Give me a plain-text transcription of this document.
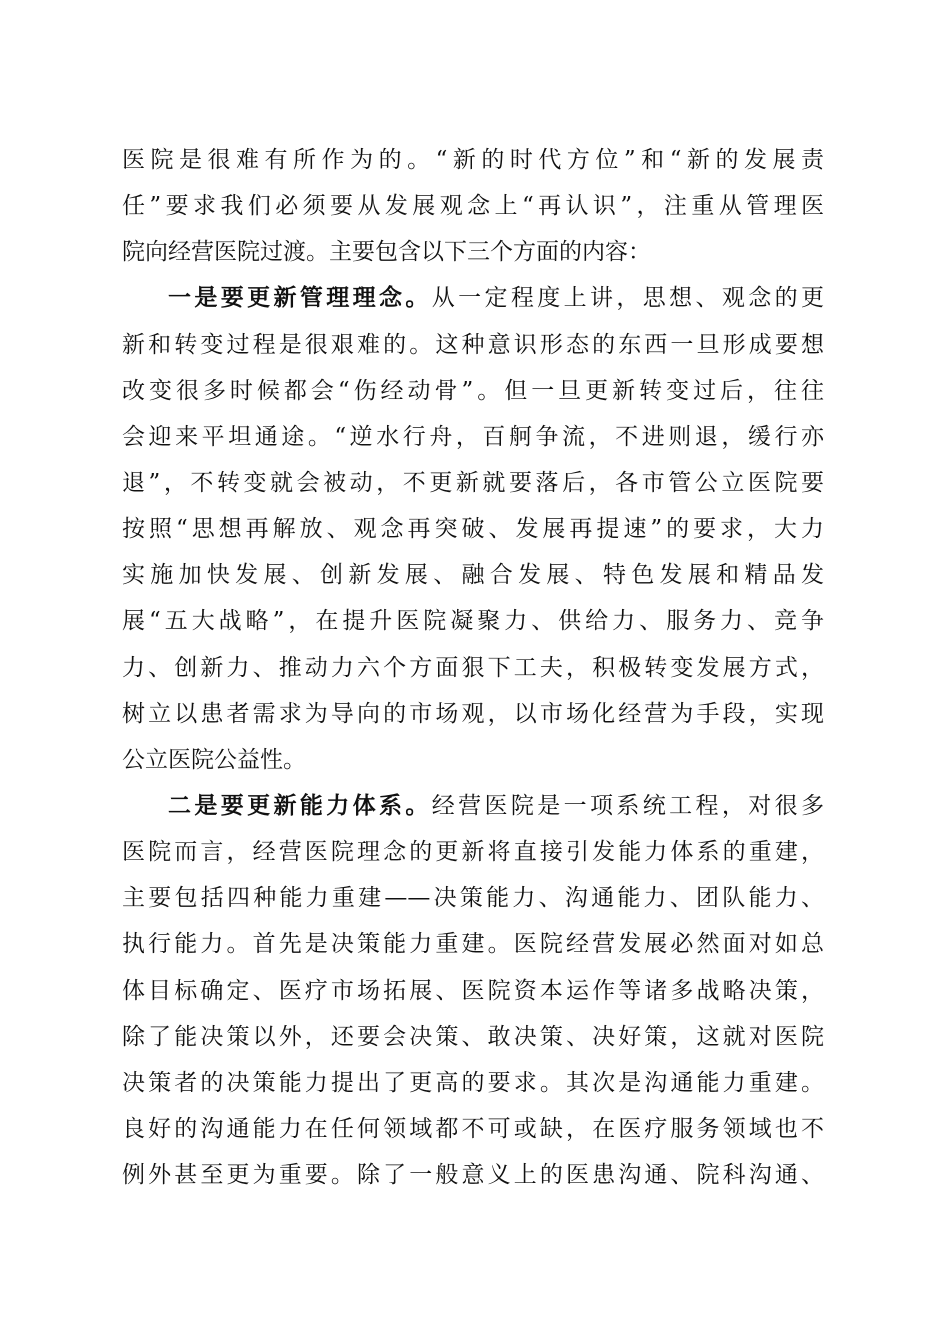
医院是很难有所作为的。“新的时代方位”和“新的发展责
任”要求我们必须要从发展观念上“再认识”，注重从管理医
院向经营医院过渡。主要包含以下三个方面的内容：
一是要更新管理理念。从一定程度上讲，思想、观念的更
新和转变过程是很艰难的。这种意识形态的东西一旦形成要想
改变很多时候都会“伤经动骨”。但一旦更新转变过后，往往
会迎来平坦通途。“逆水行舟，百舸争流，不进则退，缓行亦
退”，不转变就会被动，不更新就要落后，各市管公立医院要
按照“思想再解放、观念再突破、发展再提速”的要求，大力
实施加快发展、创新发展、融合发展、特色发展和精品发
展“五大战略”，在提升医院凝聚力、供给力、服务力、竞争
力、创新力、推动力六个方面狠下工夫，积极转变发展方式，
树立以患者需求为导向的市场观，以市场化经营为手段，实现
公立医院公益性。
二是要更新能力体系。经营医院是一项系统工程，对很多
医院而言，经营医院理念的更新将直接引发能力体系的重建，
主要包括四种能力重建——决策能力、沟通能力、团队能力、
执行能力。首先是决策能力重建。医院经营发展必然面对如总
体目标确定、医疗市场拓展、医院资本运作等诸多战略决策，
除了能决策以外，还要会决策、敢决策、决好策，这就对医院
决策者的决策能力提出了更高的要求。其次是沟通能力重建。
良好的沟通能力在任何领域都不可或缺，在医疗服务领域也不
例外甚至更为重要。除了一般意义上的医患沟通、院科沟通、
